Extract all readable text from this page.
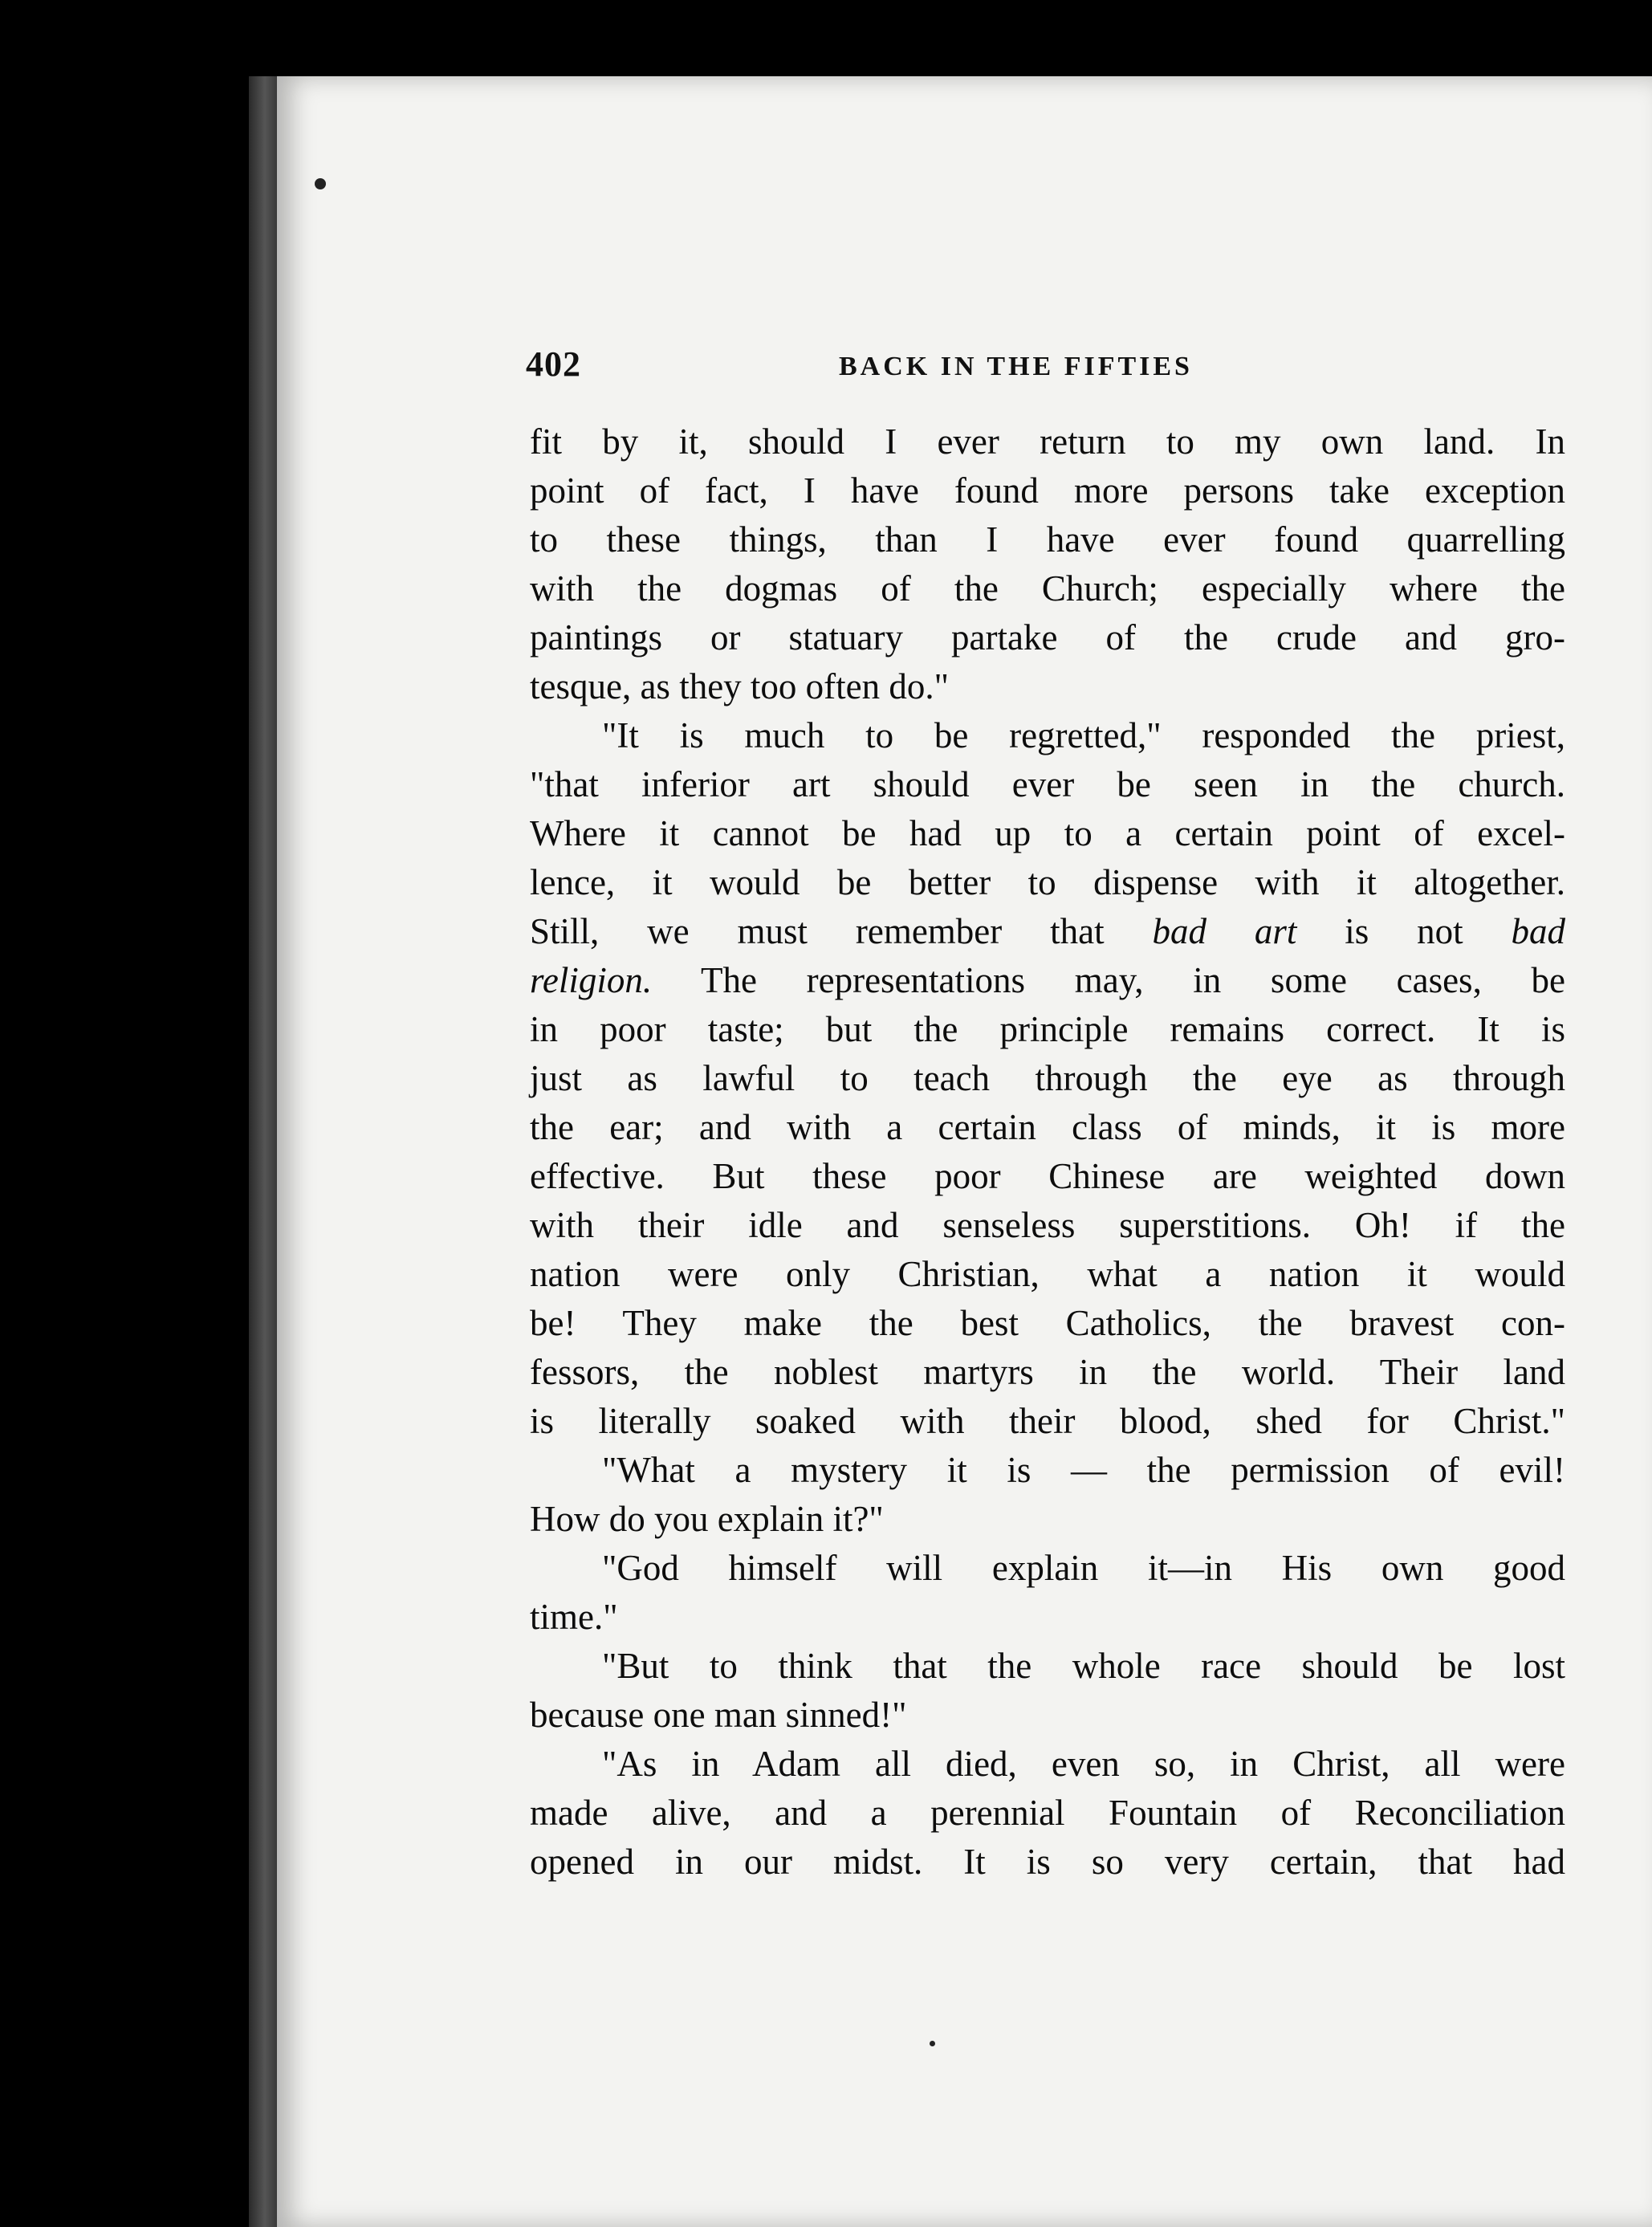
402	BACK IN THE FIFTIES
fit by it, should I ever return to my own land. In
point of fact, I have found more persons take exception
to these things, than I have ever found quarrelling
with the dogmas of the Church; especially where the
paintings or statuary partake of the crude and gro-
tesque, as they too often do."
"It is much to be regretted," responded the priest,
"that inferior art should ever be seen in the church.
Where it cannot be had up to a certain point of excel-
lence, it would be better to dispense with it altogether.
Still, we must remember that bad art is not bad
religion. The representations may, in some cases, be
in poor taste; but the principle remains correct. It is
just as lawful to teach through the eye as through
the ear; and with a certain class of minds, it is more
effective. But these poor Chinese are weighted down
with their idle and senseless superstitions. Oh! if the
nation were only Christian, what a nation it would
be! They make the best Catholics, the bravest con-
fessors, the noblest martyrs in the world. Their land
is literally soaked with their blood, shed for Christ."
"What a mystery it is — the permission of evil!
How do you explain it?"
"God himself will explain it—in His own good
time."
"But to think that the whole race should be lost
because one man sinned!"
"As in Adam all died, even so, in Christ, all were
made alive, and a perennial Fountain of Reconciliation
opened in our midst. It is so very certain, that had
